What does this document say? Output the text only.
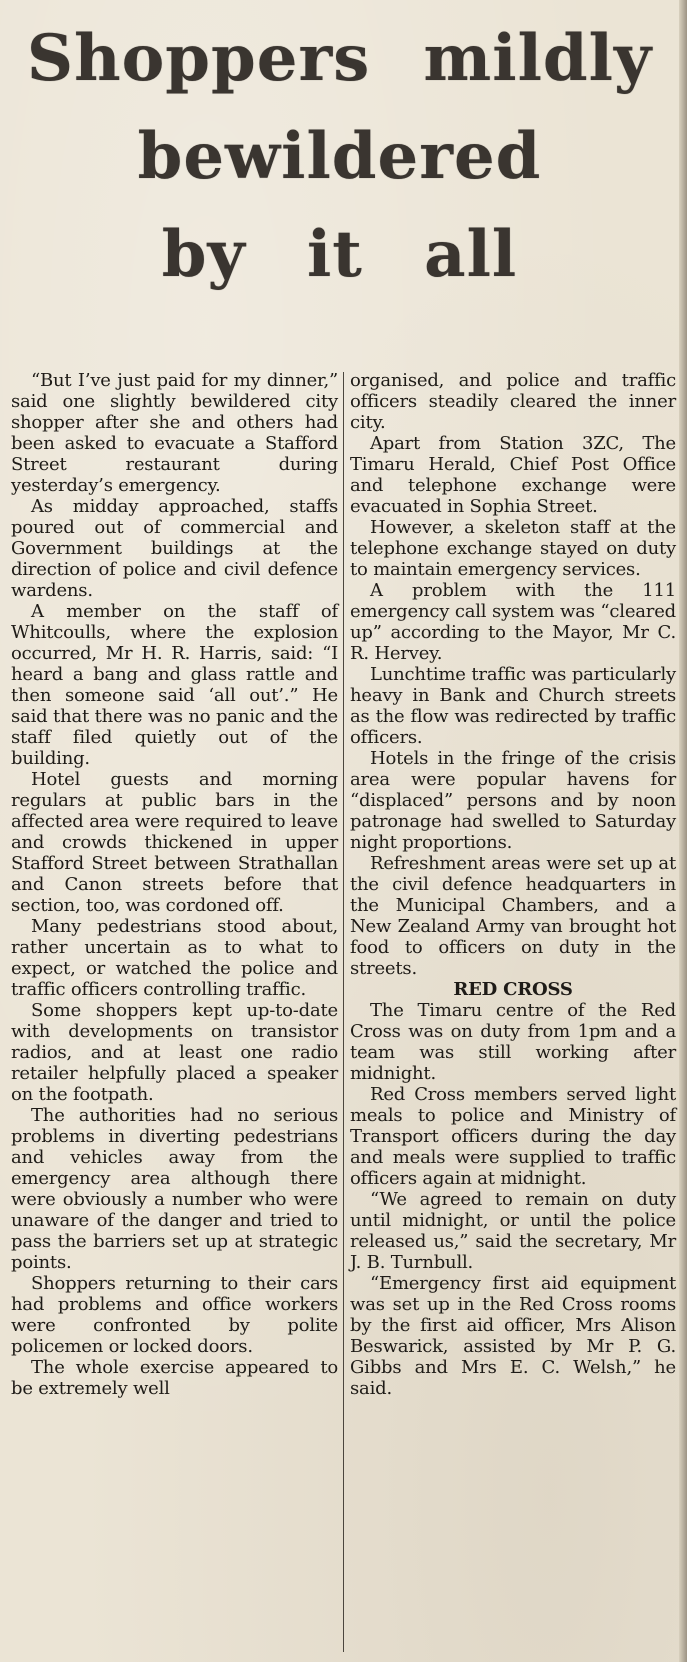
Shoppers mildly
bewildered
by it all

“But I’ve just paid for my dinner,” said one slightly bewildered city shopper after she and others had been asked to evacuate a Stafford Street restaurant during yesterday’s emergency.

As midday approached, staffs poured out of commercial and Government buildings at the direction of police and civil defence wardens.

A member on the staff of Whitcoulls, where the explosion occurred, Mr H. R. Harris, said: “I heard a bang and glass rattle and then someone said ‘all out’.” He said that there was no panic and the staff filed quietly out of the building.

Hotel guests and morning regulars at public bars in the affected area were required to leave and crowds thickened in upper Stafford Street between Strathallan and Canon streets before that section, too, was cordoned off.

Many pedestrians stood about, rather uncertain as to what to expect, or watched the police and traffic officers controlling traffic.

Some shoppers kept up-to-date with developments on transistor radios, and at least one radio retailer helpfully placed a speaker on the footpath.

The authorities had no serious problems in diverting pedestrians and vehicles away from the emergency area although there were obviously a number who were unaware of the danger and tried to pass the barriers set up at strategic points.

Shoppers returning to their cars had problems and office workers were confronted by polite policemen or locked doors.

The whole exercise appeared to be extremely well

organised, and police and traffic officers steadily cleared the inner city.

Apart from Station 3ZC, The Timaru Herald, Chief Post Office and telephone exchange were evacuated in Sophia Street.

However, a skeleton staff at the telephone exchange stayed on duty to maintain emergency services.

A problem with the 111 emergency call system was “cleared up” according to the Mayor, Mr C. R. Hervey.

Lunchtime traffic was particularly heavy in Bank and Church streets as the flow was redirected by traffic officers.

Hotels in the fringe of the crisis area were popular havens for “displaced” persons and by noon patronage had swelled to Saturday night proportions.

Refreshment areas were set up at the civil defence headquarters in the Municipal Chambers, and a New Zealand Army van brought hot food to officers on duty in the streets.

RED CROSS

The Timaru centre of the Red Cross was on duty from 1pm and a team was still working after midnight.

Red Cross members served light meals to police and Ministry of Transport officers during the day and meals were supplied to traffic officers again at midnight.

“We agreed to remain on duty until midnight, or until the police released us,” said the secretary, Mr J. B. Turnbull.

“Emergency first aid equipment was set up in the Red Cross rooms by the first aid officer, Mrs Alison Beswarick, assisted by Mr P. G. Gibbs and Mrs E. C. Welsh,” he said.
